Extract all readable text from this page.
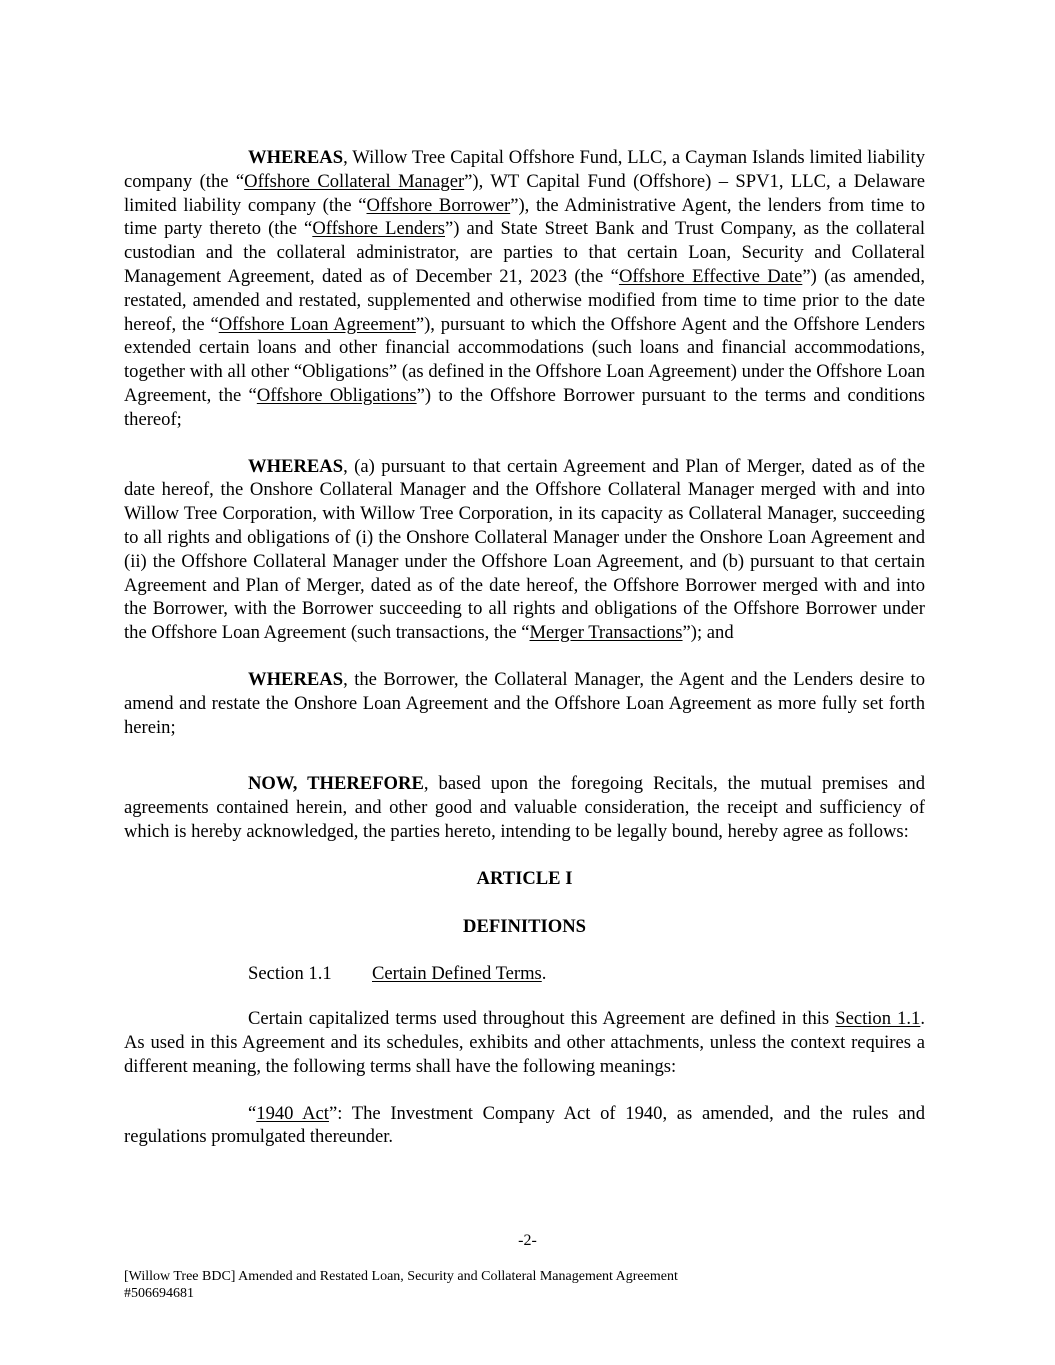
WHEREAS, Willow Tree Capital Offshore Fund, LLC, a Cayman Islands limited liability company (the “Offshore Collateral Manager”), WT Capital Fund (Offshore) – SPV1, LLC, a Delaware limited liability company (the “Offshore Borrower”), the Administrative Agent, the lenders from time to time party thereto (the “Offshore Lenders”) and State Street Bank and Trust Company, as the collateral custodian and the collateral administrator, are parties to that certain Loan, Security and Collateral Management Agreement, dated as of December 21, 2023 (the “Offshore Effective Date”) (as amended, restated, amended and restated, supplemented and otherwise modified from time to time prior to the date hereof, the “Offshore Loan Agreement”), pursuant to which the Offshore Agent and the Offshore Lenders extended certain loans and other financial accommodations (such loans and financial accommodations, together with all other “Obligations” (as defined in the Offshore Loan Agreement) under the Offshore Loan Agreement, the “Offshore Obligations”) to the Offshore Borrower pursuant to the terms and conditions thereof;

WHEREAS, (a) pursuant to that certain Agreement and Plan of Merger, dated as of the date hereof, the Onshore Collateral Manager and the Offshore Collateral Manager merged with and into Willow Tree Corporation, with Willow Tree Corporation, in its capacity as Collateral Manager, succeeding to all rights and obligations of (i) the Onshore Collateral Manager under the Onshore Loan Agreement and (ii) the Offshore Collateral Manager under the Offshore Loan Agreement, and (b) pursuant to that certain Agreement and Plan of Merger, dated as of the date hereof, the Offshore Borrower merged with and into the Borrower, with the Borrower succeeding to all rights and obligations of the Offshore Borrower under the Offshore Loan Agreement (such transactions, the “Merger Transactions”); and

WHEREAS, the Borrower, the Collateral Manager, the Agent and the Lenders desire to amend and restate the Onshore Loan Agreement and the Offshore Loan Agreement as more fully set forth herein;

NOW, THEREFORE, based upon the foregoing Recitals, the mutual premises and agreements contained herein, and other good and valuable consideration, the receipt and sufficiency of which is hereby acknowledged, the parties hereto, intending to be legally bound, hereby agree as follows:

ARTICLE I
DEFINITIONS
Section 1.1 Certain Defined Terms.

Certain capitalized terms used throughout this Agreement are defined in this Section 1.1. As used in this Agreement and its schedules, exhibits and other attachments, unless the context requires a different meaning, the following terms shall have the following meanings:

“1940 Act”: The Investment Company Act of 1940, as amended, and the rules and regulations promulgated thereunder.

-2-
[Willow Tree BDC] Amended and Restated Loan, Security and Collateral Management Agreement
#506694681
